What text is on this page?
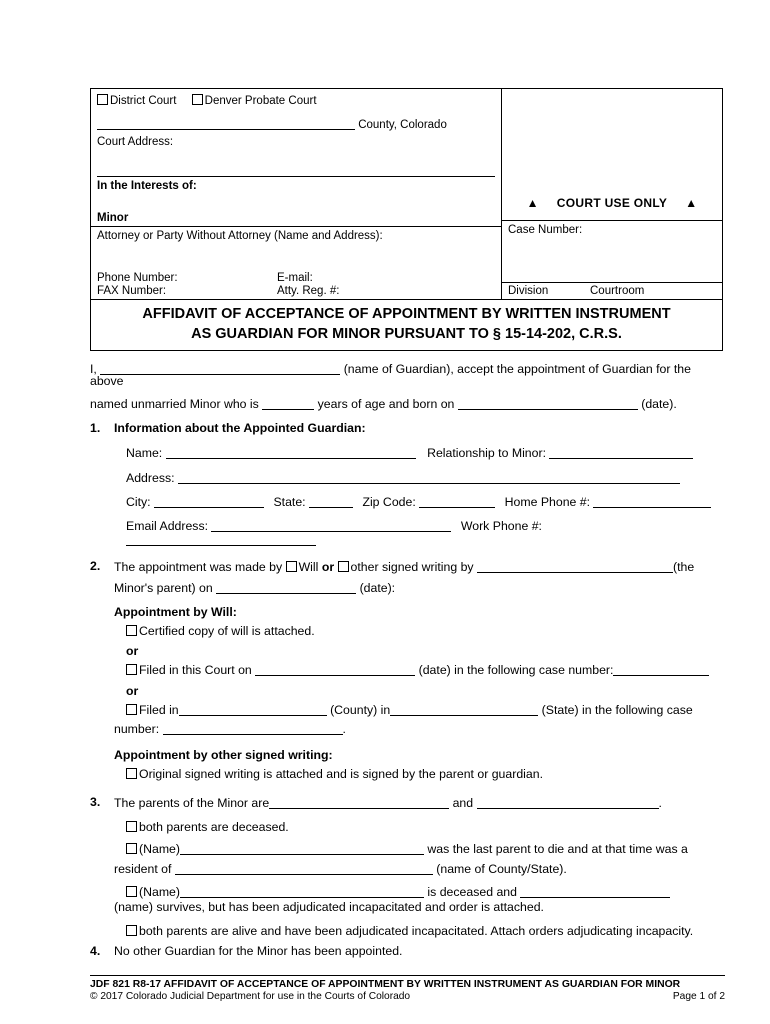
District Court Denver Probate Court
County, Colorado
Court Address:
In the Interests of:
Minor
Attorney or Party Without Attorney (Name and Address):
Phone Number:	E-mail:
FAX Number:	Atty. Reg. #:
▲ COURT USE ONLY ▲
Case Number:
Division	Courtroom
AFFIDAVIT OF ACCEPTANCE OF APPOINTMENT BY WRITTEN INSTRUMENT
AS GUARDIAN FOR MINOR PURSUANT TO § 15-14-202, C.R.S.
I,	(name of Guardian), accept the appointment of Guardian for the above
named unmarried Minor who is	years of age and born on	(date).
1.	Information about the Appointed Guardian:
Name:	Relationship to Minor:
Address:
City:	State:	Zip Code:	Home Phone #:
Email Address:	Work Phone #:
2.	The appointment was made by Will or other signed writing by	(the
Minor's parent) on	(date):
Appointment by Will:
Certified copy of will is attached.
or
Filed in this Court on	(date) in the following case number:
or
Filed in	(County) in	(State) in the following case
number:	.
Appointment by other signed writing:
Original signed writing is attached and is signed by the parent or guardian.
3.	The parents of the Minor are	and	.
both parents are deceased.
(Name)	was the last parent to die and at that time was a
resident of	(name of County/State).
(Name)	is deceased and
(name) survives, but has been adjudicated incapacitated and order is attached.
both parents are alive and have been adjudicated incapacitated. Attach orders adjudicating incapacity.
4.	No other Guardian for the Minor has been appointed.
JDF 821 R8-17 AFFIDAVIT OF ACCEPTANCE OF APPOINTMENT BY WRITTEN INSTRUMENT AS GUARDIAN FOR MINOR
© 2017 Colorado Judicial Department for use in the Courts of Colorado	Page 1 of 2
